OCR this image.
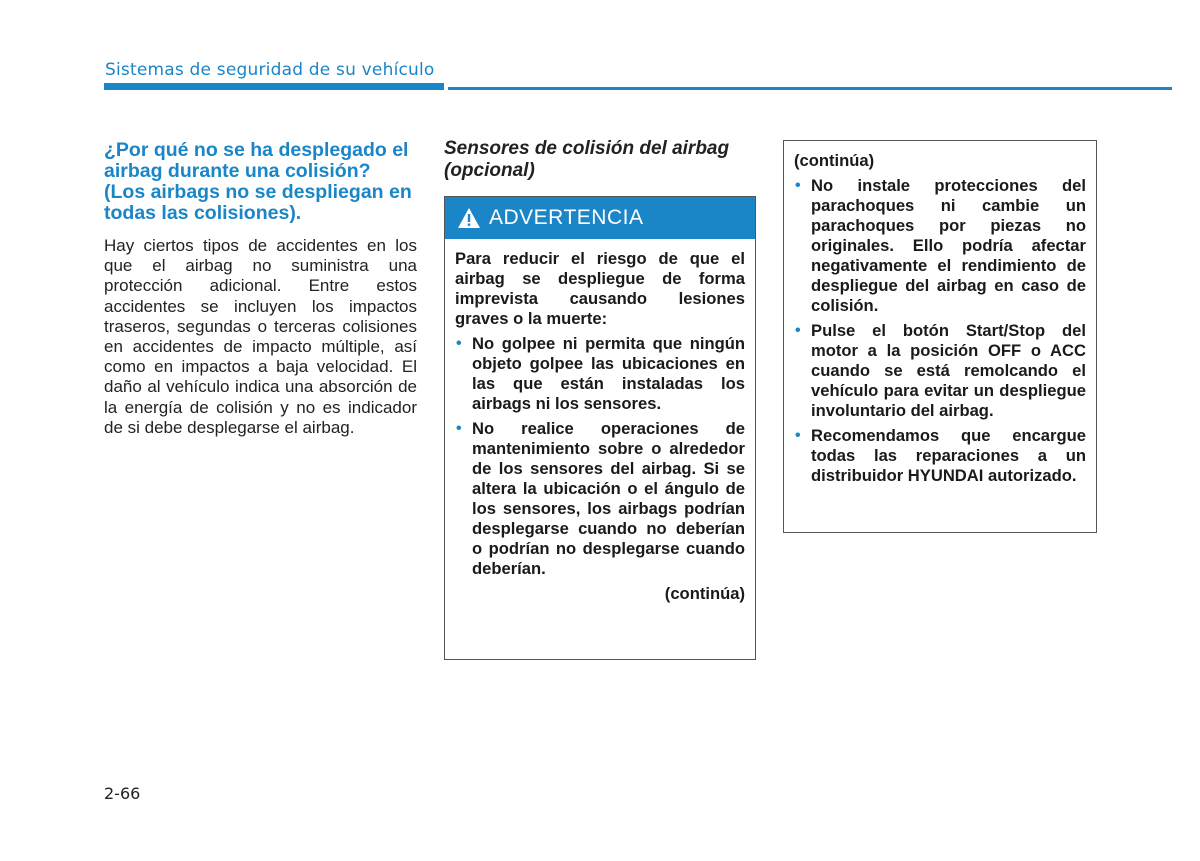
Sistemas de seguridad de su vehículo
¿Por qué no se ha desplegado el airbag durante una colisión? (Los airbags no se despliegan en todas las colisiones).

Hay ciertos tipos de accidentes en los que el airbag no suministra una protección adicional. Entre estos accidentes se incluyen los impactos traseros, segundas o terceras colisiones en accidentes de impacto múltiple, así como en impactos a baja velocidad. El daño al vehículo indica una absorción de la energía de colisión y no es indicador de si debe desplegarse el airbag.

Sensores de colisión del airbag (opcional)
ADVERTENCIA

Para reducir el riesgo de que el airbag se despliegue de forma imprevista causando lesiones graves o la muerte:

• No golpee ni permita que ningún objeto golpee las ubicaciones en las que están instaladas los airbags ni los sensores.

• No realice operaciones de mantenimiento sobre o alrededor de los sensores del airbag. Si se altera la ubicación o el ángulo de los sensores, los airbags podrían desplegarse cuando no deberían o podrían no desplegarse cuando deberían.

(continúa)

(continúa)

• No instale protecciones del parachoques ni cambie un parachoques por piezas no originales. Ello podría afectar negativamente el rendimiento de despliegue del airbag en caso de colisión.

• Pulse el botón Start/Stop del motor a la posición OFF o ACC cuando se está remolcando el vehículo para evitar un despliegue involuntario del airbag.

• Recomendamos que encargue todas las reparaciones a un distribuidor HYUNDAI autorizado.

2-66
